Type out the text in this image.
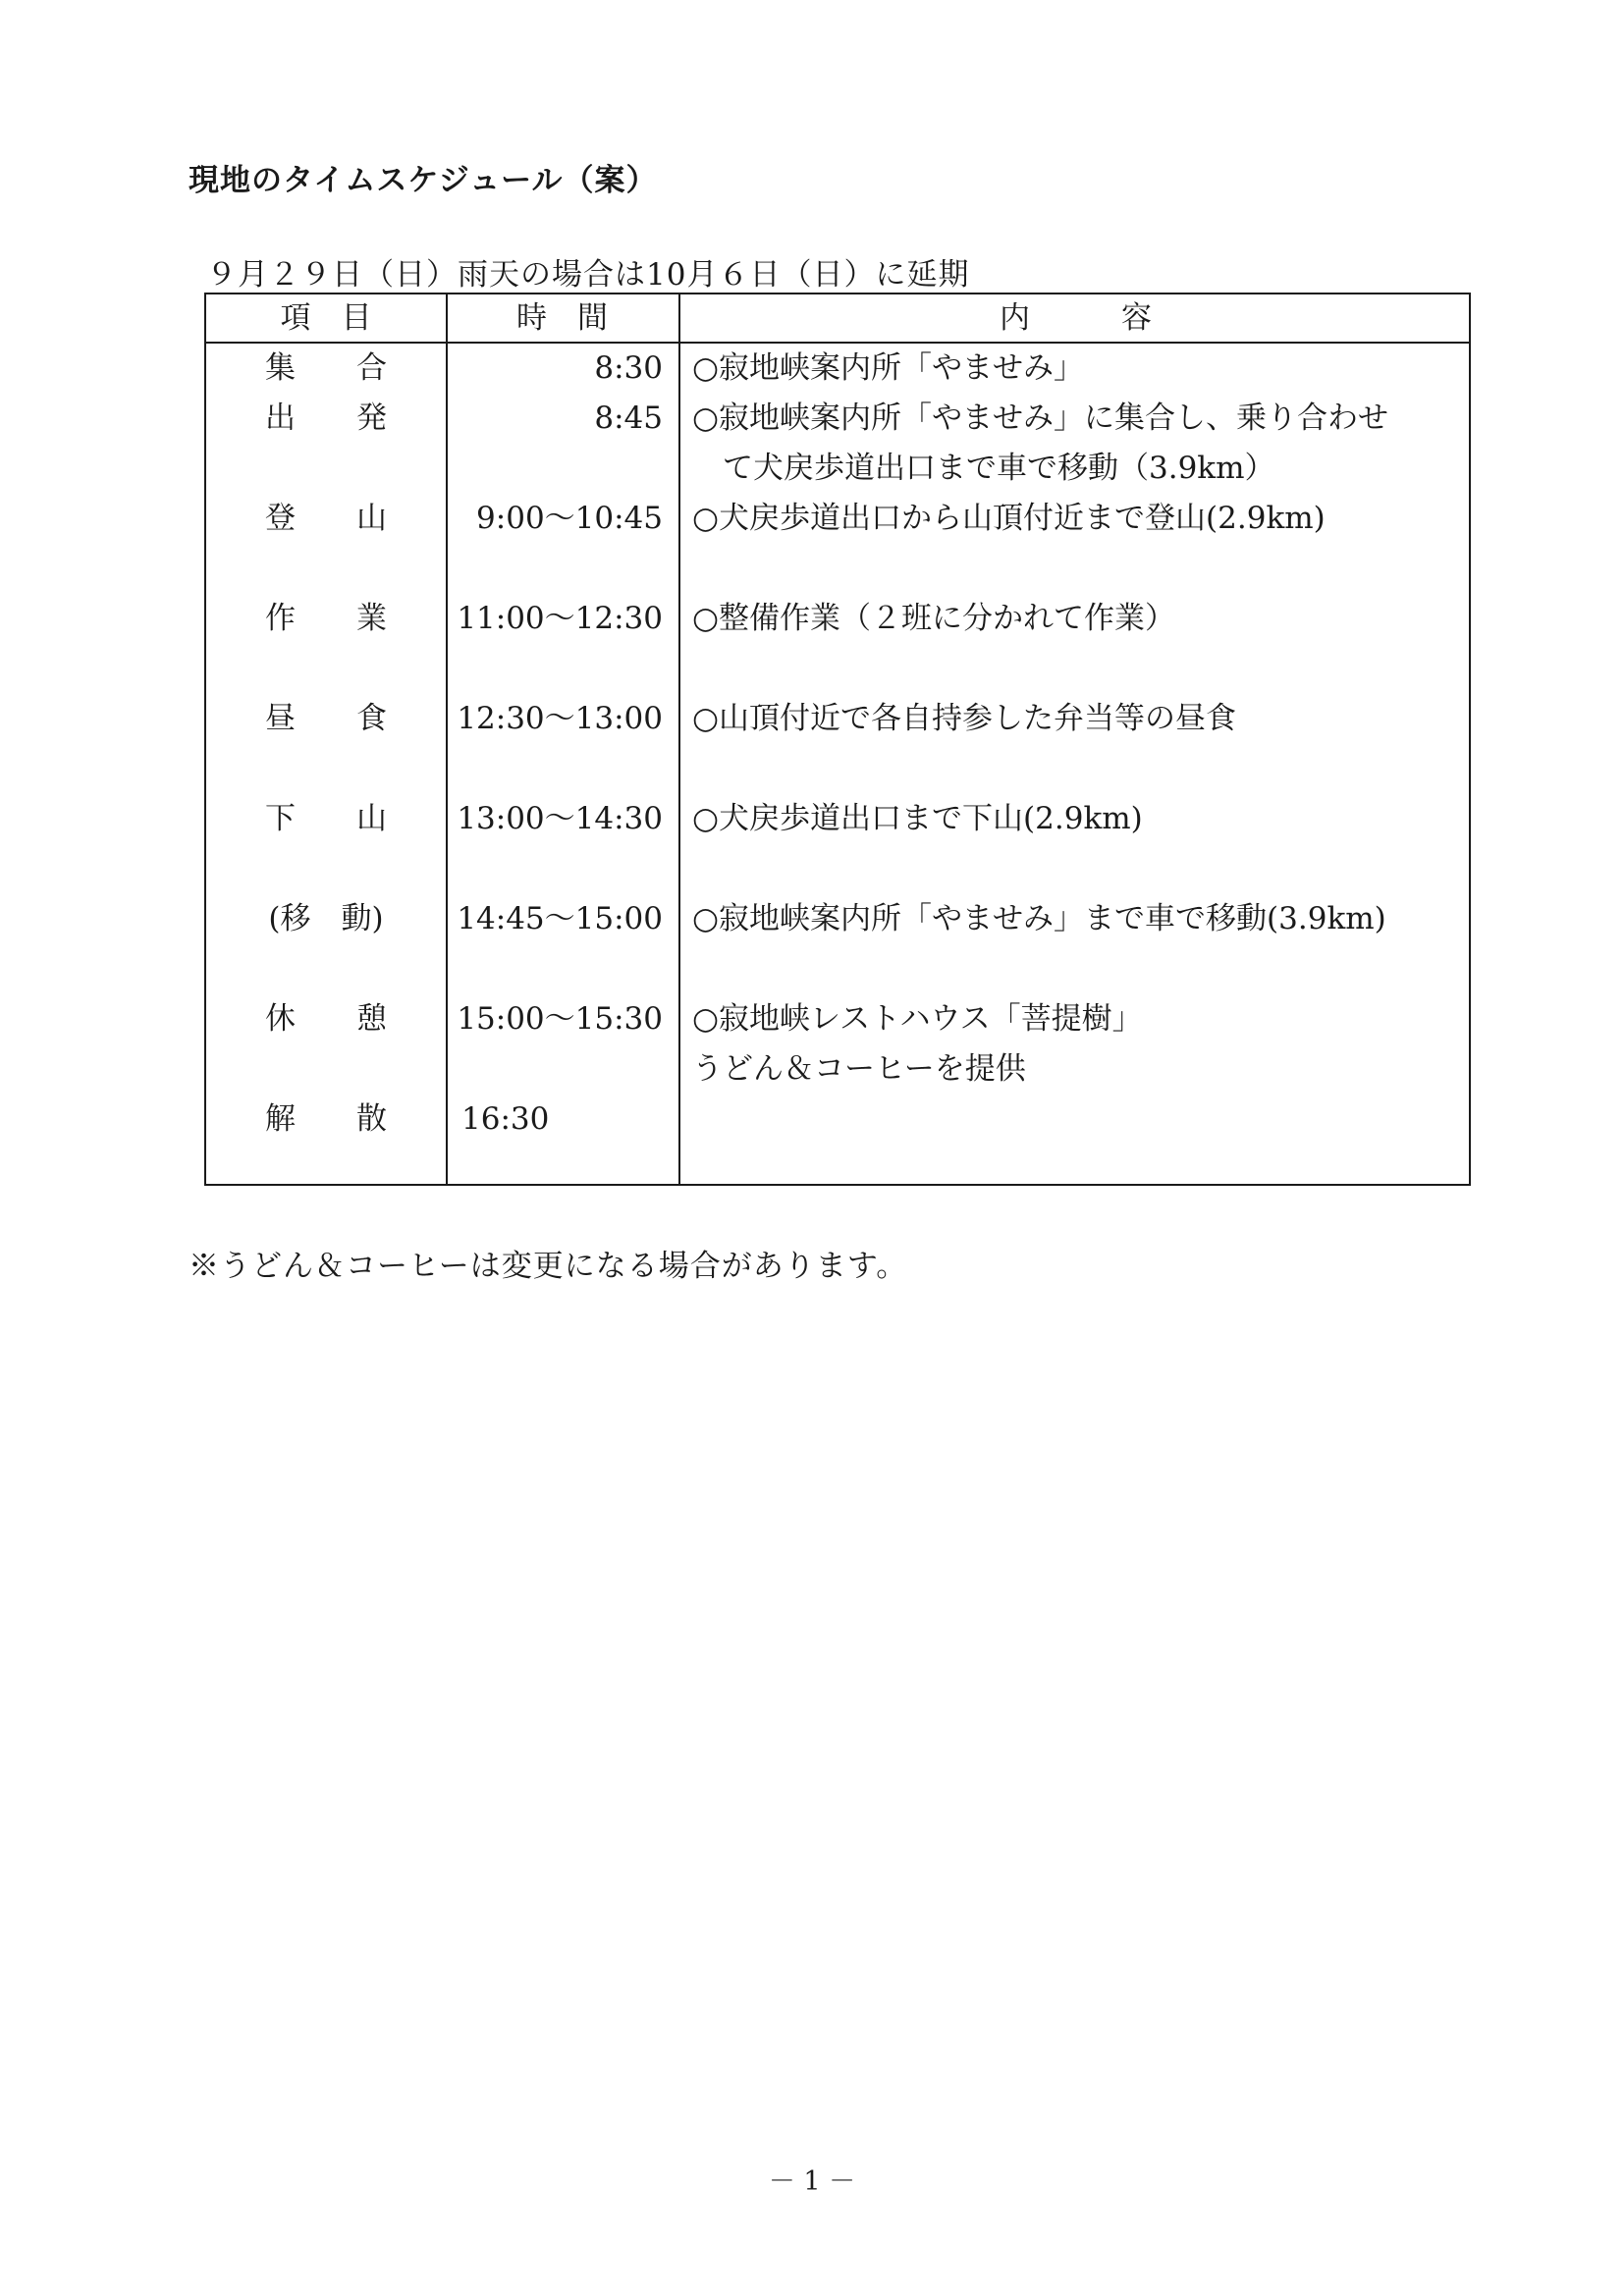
現地のタイムスケジュール（案）
９月２９日（日）雨天の場合は10月６日（日）に延期
項　目	時　間	内　　　容
集　　合	8:30 ○寂地峡案内所「やませみ」
出　　発	8:45 ○寂地峡案内所「やませみ」に集合し、乗り合わせ
　て犬戻歩道出口まで車で移動（3.9km）
登　　山	9:00～10:45 ○犬戻歩道出口から山頂付近まで登山(2.9km)
作　　業	11:00～12:30 ○整備作業（２班に分かれて作業）
昼　　食	12:30～13:00 ○山頂付近で各自持参した弁当等の昼食
下　　山	13:00～14:30 ○犬戻歩道出口まで下山(2.9km)
(移　動)	14:45～15:00 ○寂地峡案内所「やませみ」まで車で移動(3.9km)
休　　憩	15:00～15:30 ○寂地峡レストハウス「菩提樹」
うどん＆コーヒーを提供
解　　散	16:30
※うどん＆コーヒーは変更になる場合があります。
－ 1 －
